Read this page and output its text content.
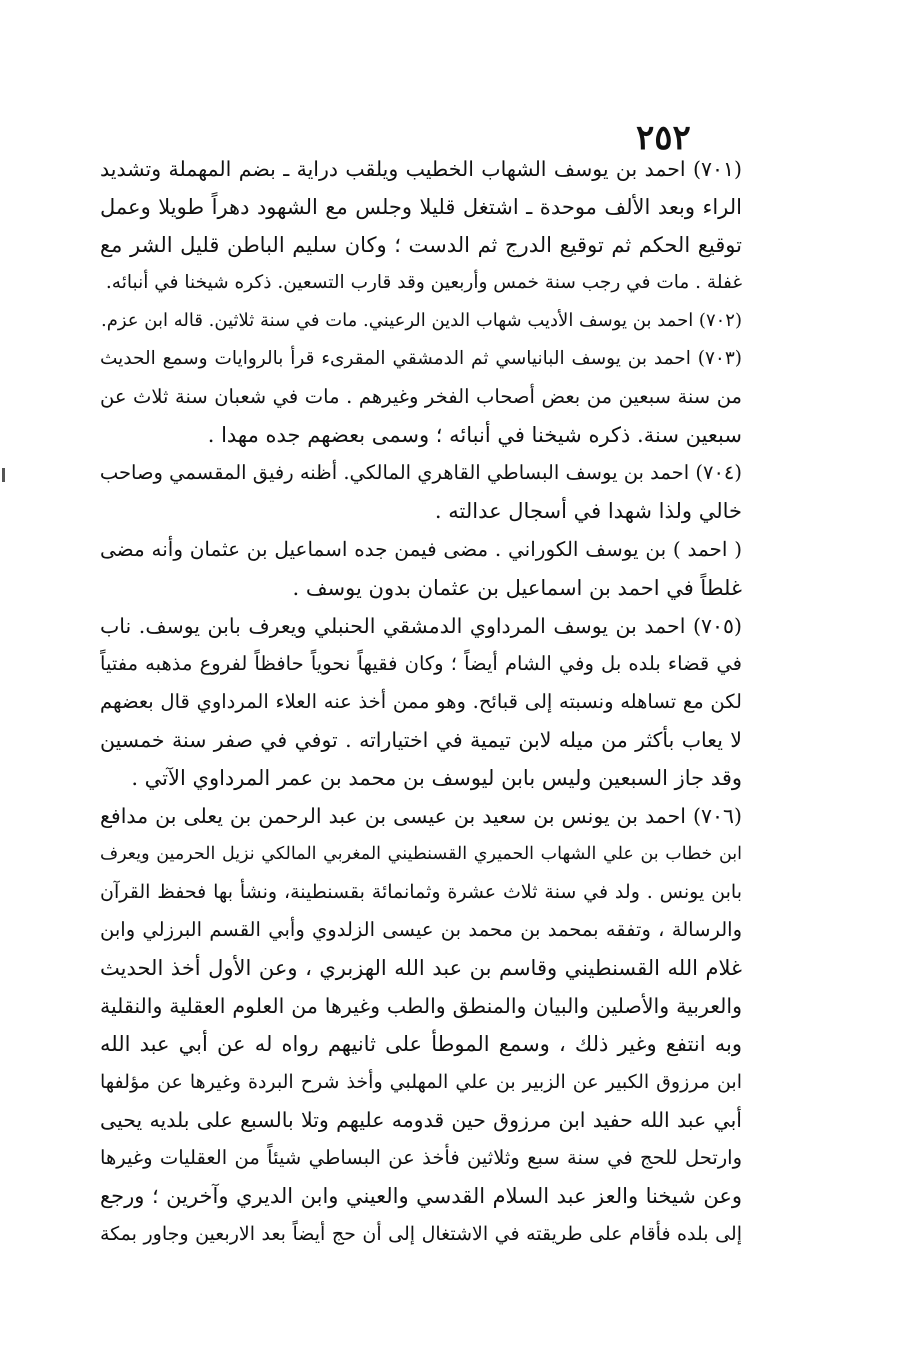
٢٥٢
(٧٠١) احمد بن يوسف الشهاب الخطيب ويلقب دراية ـ بضم المهملة وتشديد
الراء وبعد الألف موحدة ـ اشتغل قليلا وجلس مع الشهود دهراً طويلا وعمل
توقيع الحكم ثم توقيع الدرج ثم الدست ؛ وكان سليم الباطن قليل الشر مع
غفلة . مات في رجب سنة خمس وأربعين وقد قارب التسعين. ذكره شيخنا في أنبائه.
(٧٠٢) احمد بن يوسف الأديب شهاب الدين الرعيني. مات في سنة ثلاثين. قاله ابن عزم.
(٧٠٣) احمد بن يوسف البانياسي ثم الدمشقي المقرىء قرأ بالروايات وسمع الحديث
من سنة سبعين من بعض أصحاب الفخر وغيرهم . مات في شعبان سنة ثلاث عن
سبعين سنة. ذكره شيخنا في أنبائه ؛ وسمى بعضهم جده مهدا .
(٧٠٤) احمد بن يوسف البساطي القاهري المالكي. أظنه رفيق المقسمي وصاحب
خالي ولذا شهدا في أسجال عدالته .
( احمد ) بن يوسف الكوراني . مضى فيمن جده اسماعيل بن عثمان وأنه مضى
غلطاً في احمد بن اسماعيل بن عثمان بدون يوسف .
(٧٠٥) احمد بن يوسف المرداوي الدمشقي الحنبلي ويعرف بابن يوسف. ناب
في قضاء بلده بل وفي الشام أيضاً ؛ وكان فقيهاً نحوياً حافظاً لفروع مذهبه مفتياً
لكن مع تساهله ونسبته إلى قبائح. وهو ممن أخذ عنه العلاء المرداوي قال بعضهم
لا يعاب بأكثر من ميله لابن تيمية في اختياراته . توفي في صفر سنة خمسين
وقد جاز السبعين وليس بابن ليوسف بن محمد بن عمر المرداوي الآتي .
(٧٠٦) احمد بن يونس بن سعيد بن عيسى بن عبد الرحمن بن يعلى بن مدافع
ابن خطاب بن علي الشهاب الحميري القسنطيني المغربي المالكي نزيل الحرمين ويعرف
بابن يونس . ولد في سنة ثلاث عشرة وثمانمائة بقسنطينة، ونشأ بها فحفظ القرآن
والرسالة ، وتفقه بمحمد بن محمد بن عيسى الزلدوي وأبي القسم البرزلي وابن
غلام الله القسنطيني وقاسم بن عبد الله الهزبري ، وعن الأول أخذ الحديث
والعربية والأصلين والبيان والمنطق والطب وغيرها من العلوم العقلية والنقلية
وبه انتفع وغير ذلك ، وسمع الموطأ على ثانيهم رواه له عن أبي عبد الله
ابن مرزوق الكبير عن الزبير بن علي المهلبي وأخذ شرح البردة وغيرها عن مؤلفها
أبي عبد الله حفيد ابن مرزوق حين قدومه عليهم وتلا بالسبع على بلديه يحيى
وارتحل للحج في سنة سبع وثلاثين فأخذ عن البساطي شيئاً من العقليات وغيرها
وعن شيخنا والعز عبد السلام القدسي والعيني وابن الديري وآخرين ؛ ورجع
إلى بلده فأقام على طريقته في الاشتغال إلى أن حج أيضاً بعد الاربعين وجاور بمكة
